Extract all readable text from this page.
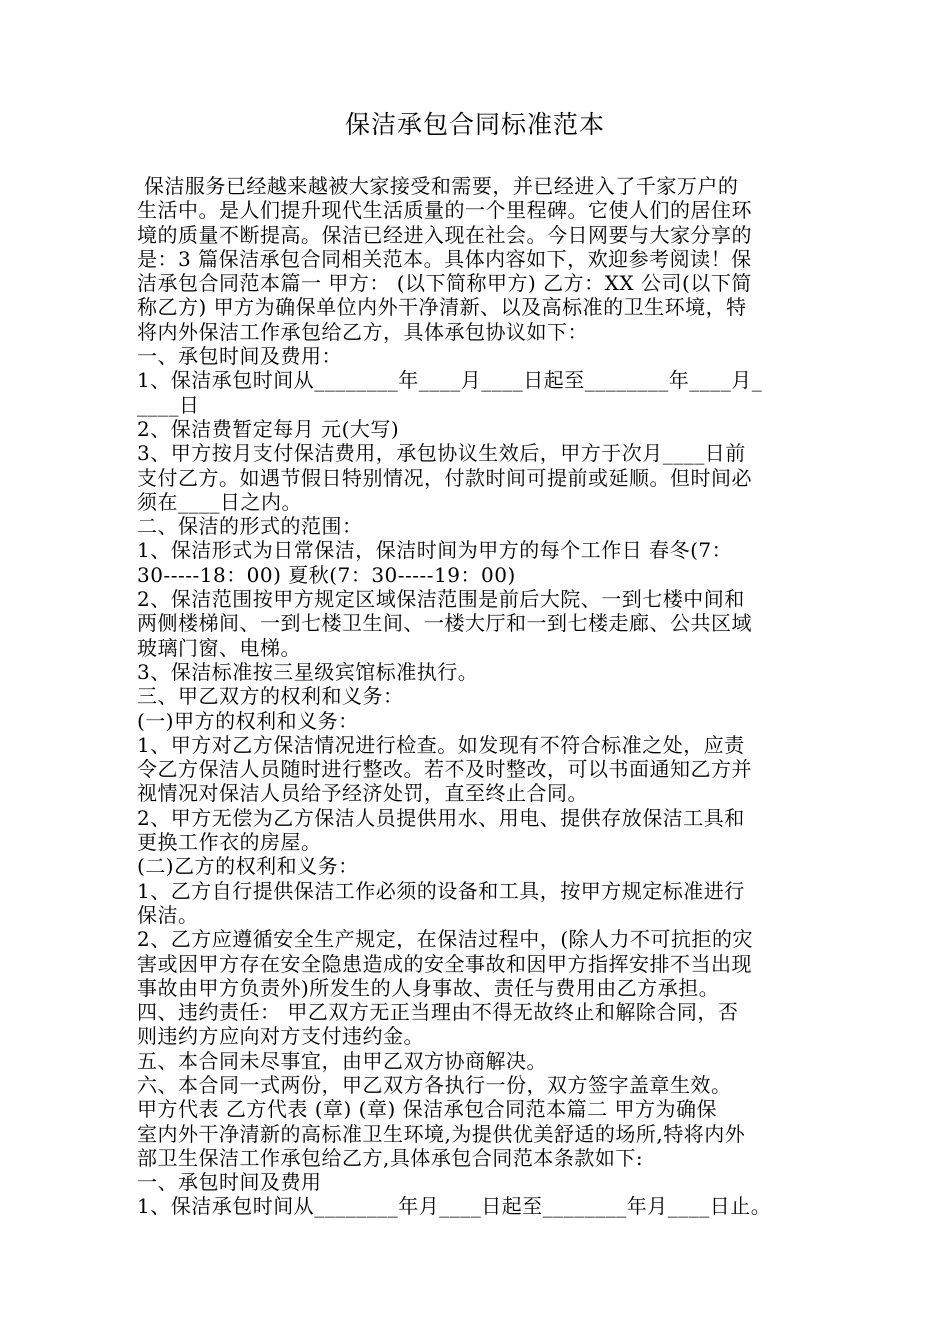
保洁承包合同标准范本
保洁服务已经越来越被大家接受和需要，并已经进入了千家万户的
生活中。是人们提升现代生活质量的一个里程碑。它使人们的居住环
境的质量不断提高。保洁已经进入现在社会。今日网要与大家分享的
是：3 篇保洁承包合同相关范本。具体内容如下，欢迎参考阅读！保
洁承包合同范本篇一 甲方： (以下简称甲方) 乙方：XX 公司(以下简
称乙方) 甲方为确保单位内外干净清新、以及高标准的卫生环境，特
将内外保洁工作承包给乙方，具体承包协议如下：
一、承包时间及费用：
1、保洁承包时间从________年____月____日起至________年____月_
____日
2、保洁费暂定每月 元(大写)
3、甲方按月支付保洁费用，承包协议生效后，甲方于次月____日前
支付乙方。如遇节假日特别情况，付款时间可提前或延顺。但时间必
须在____日之内。
二、保洁的形式的范围：
1、保洁形式为日常保洁，保洁时间为甲方的每个工作日 春冬(7：
30-----18：00) 夏秋(7：30-----19：00)
2、保洁范围按甲方规定区域保洁范围是前后大院、一到七楼中间和
两侧楼梯间、一到七楼卫生间、一楼大厅和一到七楼走廊、公共区域
玻璃门窗、电梯。
3、保洁标准按三星级宾馆标准执行。
三、甲乙双方的权利和义务：
(一)甲方的权利和义务：
1、甲方对乙方保洁情况进行检查。如发现有不符合标准之处，应责
令乙方保洁人员随时进行整改。若不及时整改，可以书面通知乙方并
视情况对保洁人员给予经济处罚，直至终止合同。
2、甲方无偿为乙方保洁人员提供用水、用电、提供存放保洁工具和
更换工作衣的房屋。
(二)乙方的权利和义务：
1、乙方自行提供保洁工作必须的设备和工具，按甲方规定标准进行
保洁。
2、乙方应遵循安全生产规定，在保洁过程中，(除人力不可抗拒的灾
害或因甲方存在安全隐患造成的安全事故和因甲方指挥安排不当出现
事故由甲方负责外)所发生的人身事故、责任与费用由乙方承担。
四、违约责任： 甲乙双方无正当理由不得无故终止和解除合同，否
则违约方应向对方支付违约金。
五、本合同未尽事宜，由甲乙双方协商解决。
六、本合同一式两份，甲乙双方各执行一份，双方签字盖章生效。
甲方代表 乙方代表 (章) (章) 保洁承包合同范本篇二 甲方为确保
室内外干净清新的高标准卫生环境,为提供优美舒适的场所,特将内外
部卫生保洁工作承包给乙方,具体承包合同范本条款如下:
一、承包时间及费用
1、保洁承包时间从________年月____日起至________年月____日止。
